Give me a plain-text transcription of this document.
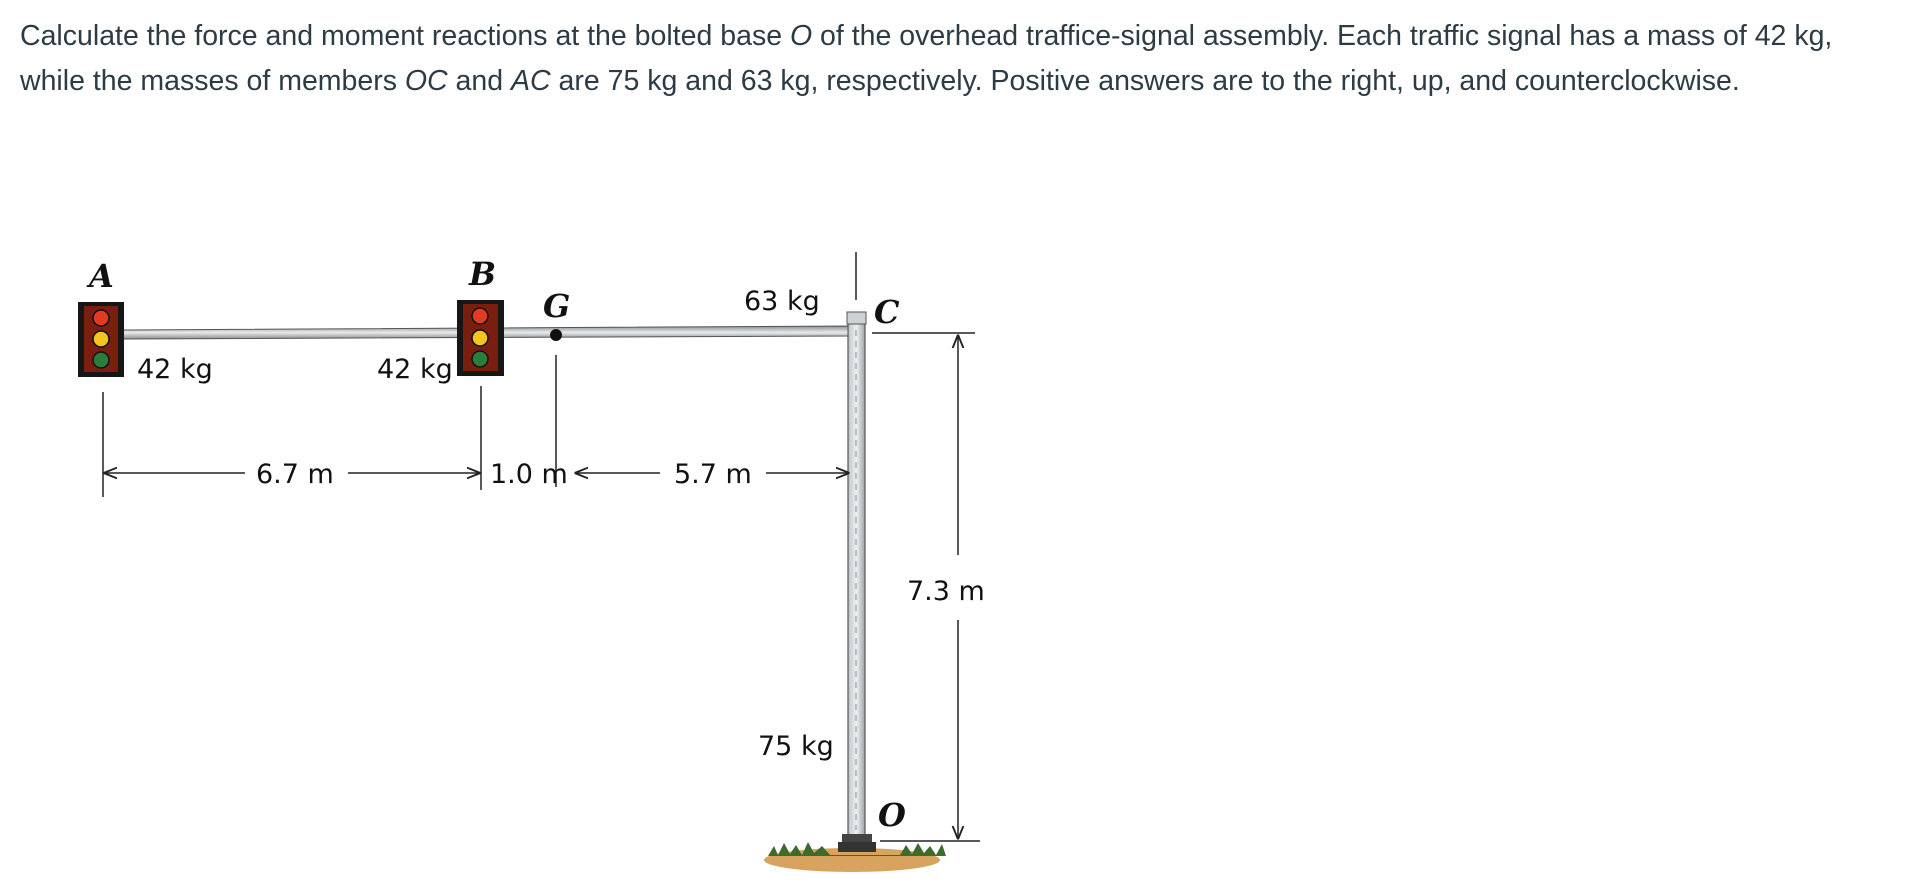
Calculate the force and moment reactions at the bolted base O of the overhead traffice-signal assembly. Each traffic signal has a mass of 42 kg, while the masses of members OC and AC are 75 kg and 63 kg, respectively. Positive answers are to the right, up, and counterclockwise.
A	B
G	C
O
42 kg	42 kg
63 kg
75 kg
6.7 m	1.0 m	5.7 m
7.3 m
